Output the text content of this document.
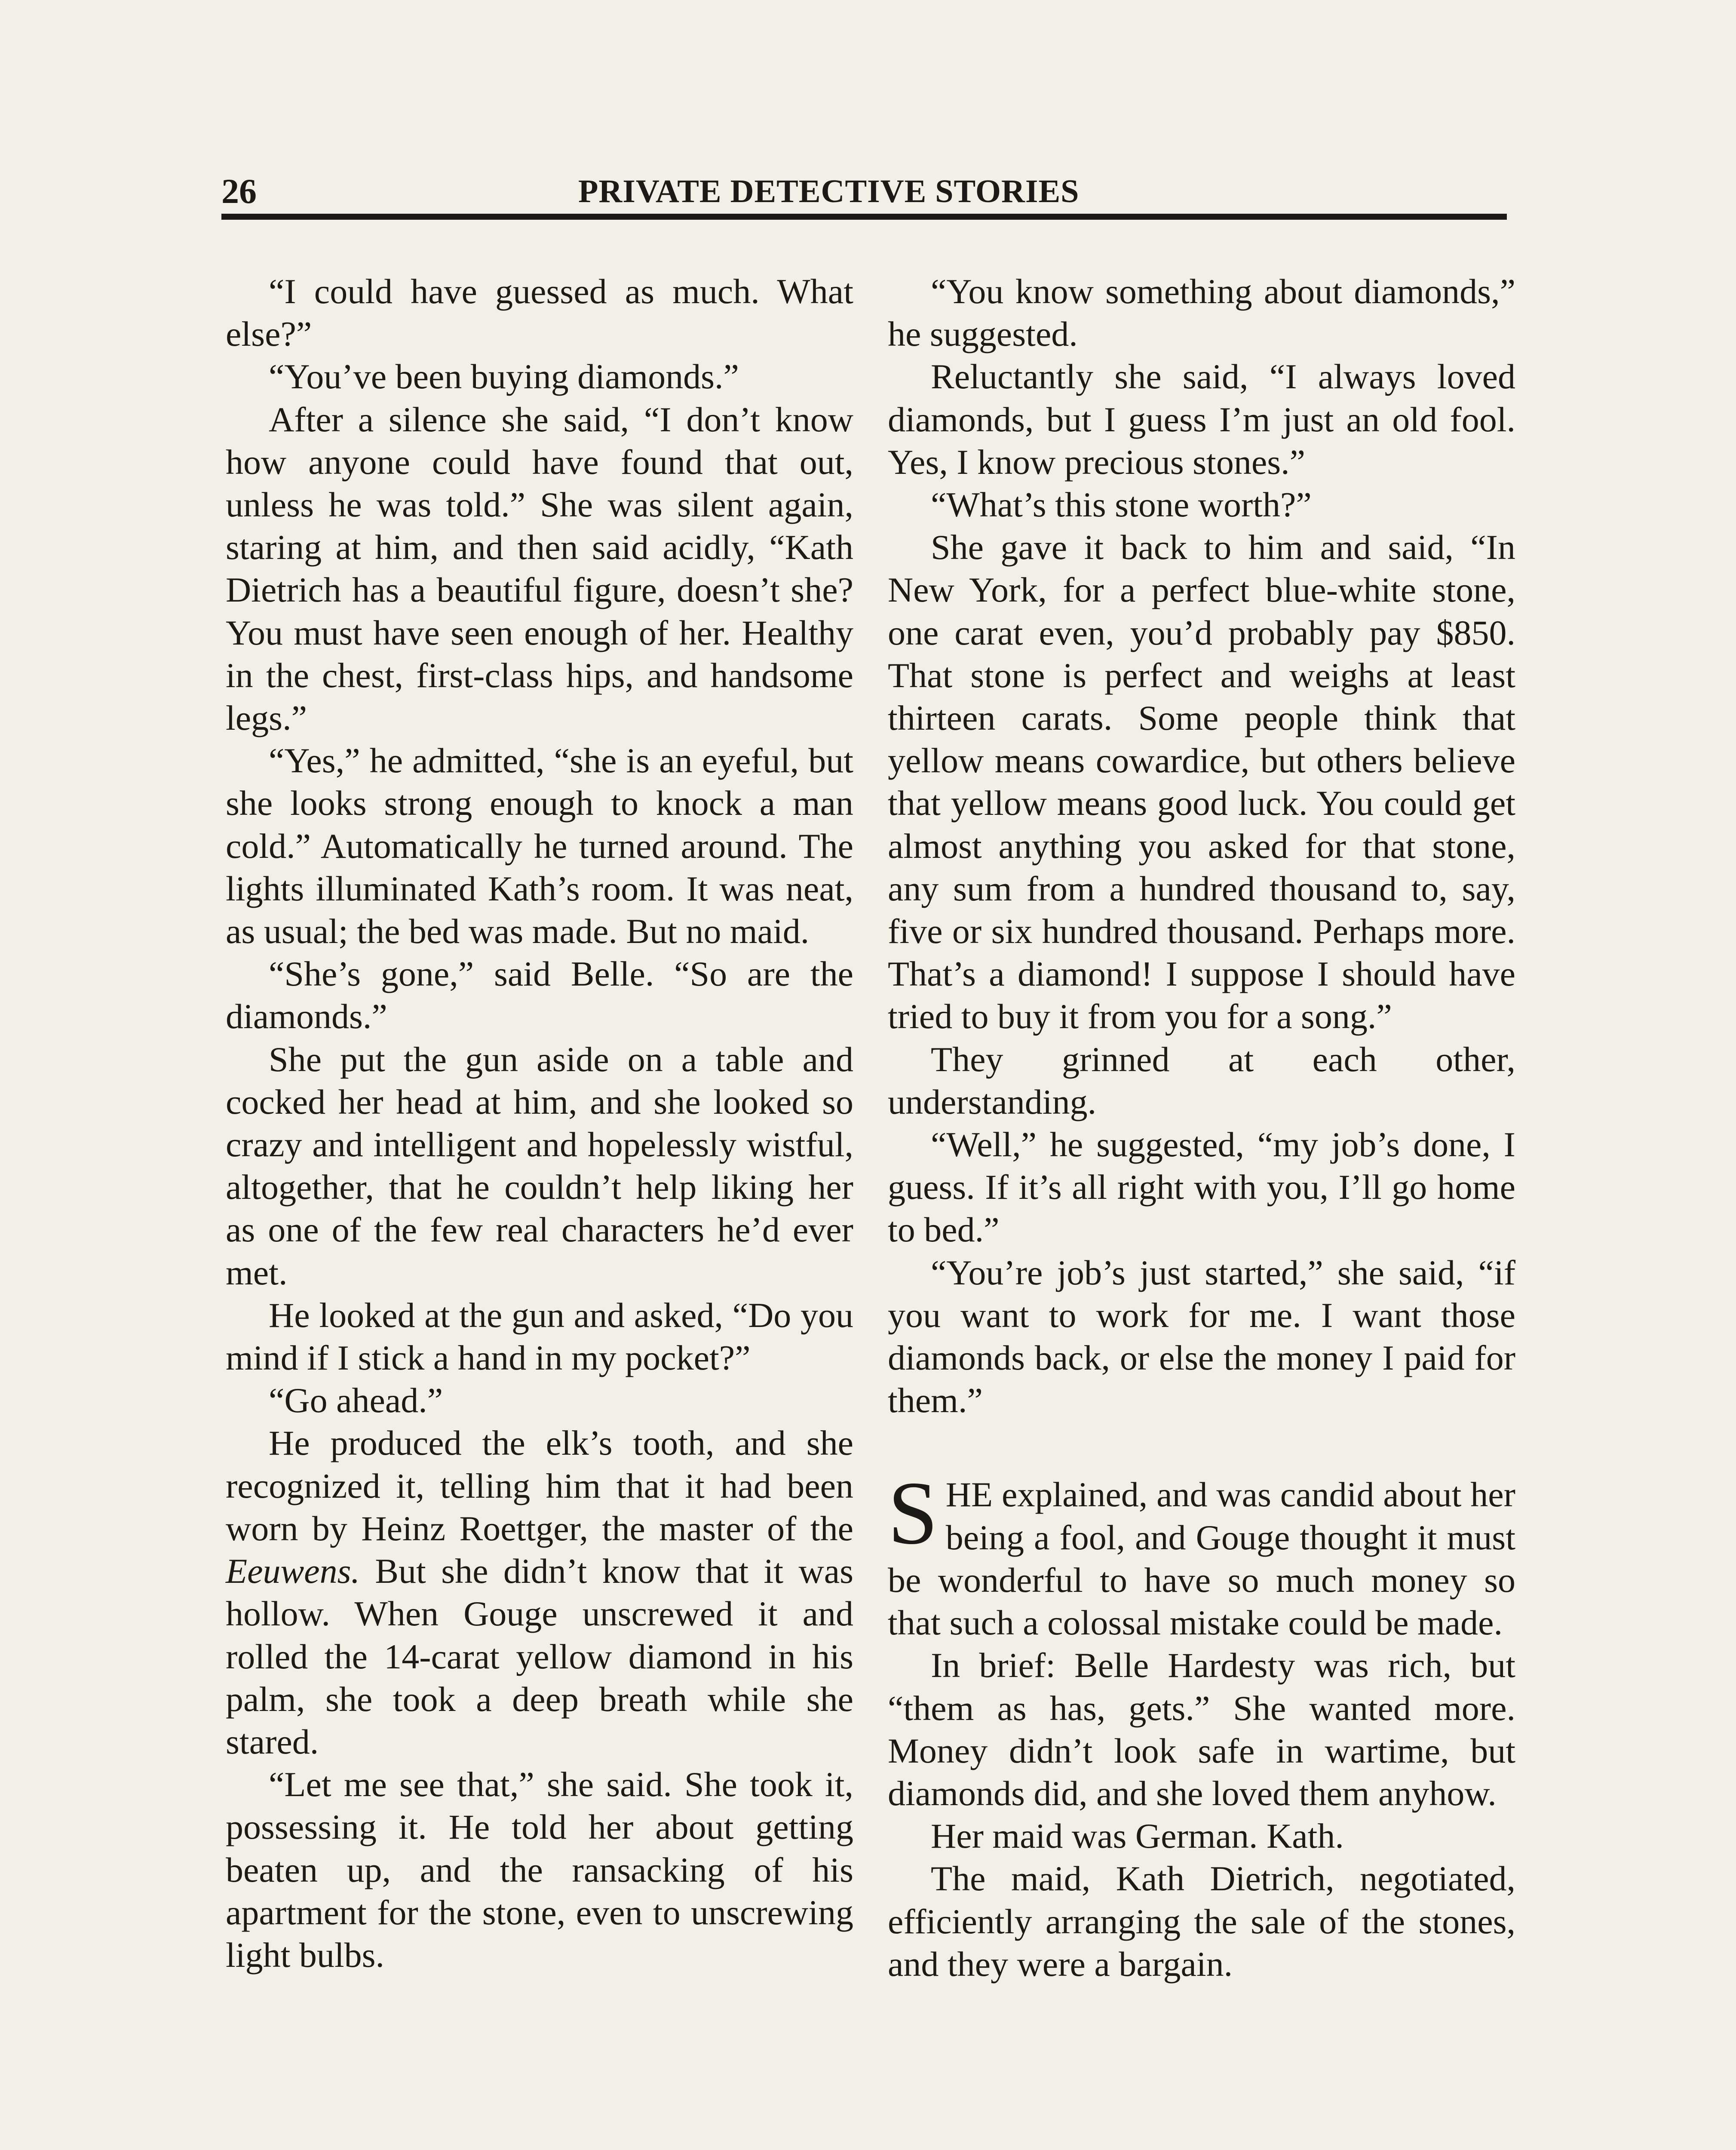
26	PRIVATE DETECTIVE STORIES

“I could have guessed as much. What else?”

“You’ve been buying diamonds.”

After a silence she said, “I don’t know how anyone could have found that out, unless he was told.” She was silent again, staring at him, and then said acidly, “Kath Dietrich has a beautiful figure, doesn’t she? You must have seen enough of her. Healthy in the chest, first-class hips, and handsome legs.”

“Yes,” he admitted, “she is an eyeful, but she looks strong enough to knock a man cold.” Automatically he turned around. The lights illuminated Kath’s room. It was neat, as usual; the bed was made. But no maid.

“She’s gone,” said Belle. “So are the diamonds.”

She put the gun aside on a table and cocked her head at him, and she looked so crazy and intelligent and hopelessly wistful, altogether, that he couldn’t help liking her as one of the few real characters he’d ever met.

He looked at the gun and asked, “Do you mind if I stick a hand in my pocket?”

“Go ahead.”

He produced the elk’s tooth, and she recognized it, telling him that it had been worn by Heinz Roettger, the master of the Eeuwens. But she didn’t know that it was hollow. When Gouge unscrewed it and rolled the 14-carat yellow diamond in his palm, she took a deep breath while she stared.

“Let me see that,” she said. She took it, possessing it. He told her about getting beaten up, and the ransacking of his apartment for the stone, even to unscrewing light bulbs.

“You know something about diamonds,” he suggested.

Reluctantly she said, “I always loved diamonds, but I guess I’m just an old fool. Yes, I know precious stones.”

“What’s this stone worth?”

She gave it back to him and said, “In New York, for a perfect blue-white stone, one carat even, you’d probably pay $850. That stone is perfect and weighs at least thirteen carats. Some people think that yellow means cowardice, but others believe that yellow means good luck. You could get almost anything you asked for that stone, any sum from a hundred thousand to, say, five or six hundred thousand. Perhaps more. That’s a diamond! I suppose I should have tried to buy it from you for a song.”

They grinned at each other, understanding.

“Well,” he suggested, “my job’s done, I guess. If it’s all right with you, I’ll go home to bed.”

“You’re job’s just started,” she said, “if you want to work for me. I want those diamonds back, or else the money I paid for them.”

SHE explained, and was candid about her being a fool, and Gouge thought it must be wonderful to have so much money so that such a colossal mistake could be made.

In brief: Belle Hardesty was rich, but “them as has, gets.” She wanted more. Money didn’t look safe in wartime, but diamonds did, and she loved them anyhow.

Her maid was German. Kath.

The maid, Kath Dietrich, negotiated, efficiently arranging the sale of the stones, and they were a bargain.
